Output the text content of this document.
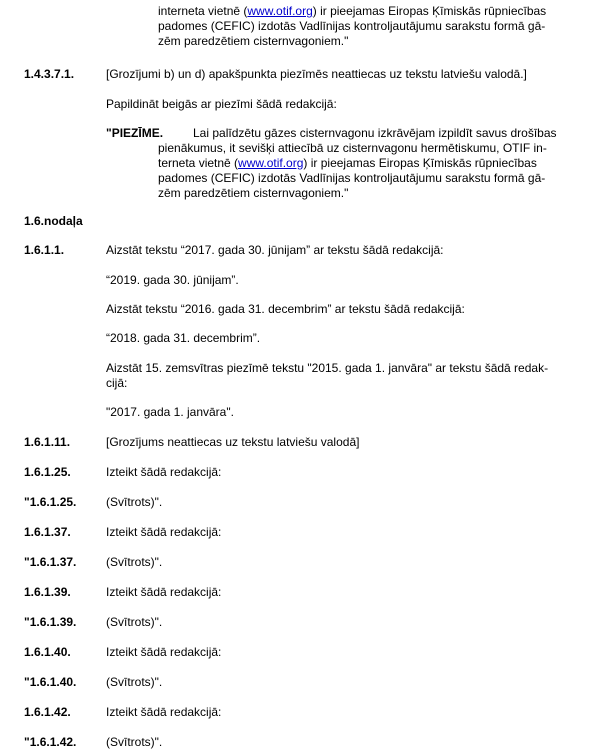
interneta vietnē (www.otif.org) ir pieejamas Eiropas Ķīmiskās rūpniecības
padomes (CEFIC) izdotās Vadlīnijas kontroljautājumu sarakstu formā gā-
zēm paredzētiem cisternvagoniem."
1.4.3.7.1.	[Grozījumi b) un d) apakšpunkta piezīmēs neattiecas uz tekstu latviešu valodā.]
Papildināt beigās ar piezīmi šādā redakcijā:
"PIEZĪME. Lai palīdzētu gāzes cisternvagonu izkrāvējam izpildīt savus drošības
pienākumus, it sevišķi attiecībā uz cisternvagonu hermētiskumu, OTIF in-
terneta vietnē (www.otif.org) ir pieejamas Eiropas Ķīmiskās rūpniecības
padomes (CEFIC) izdotās Vadlīnijas kontroljautājumu sarakstu formā gā-
zēm paredzētiem cisternvagoniem."
1.6.nodaļa
1.6.1.1.	Aizstāt tekstu “2017. gada 30. jūnijam” ar tekstu šādā redakcijā:
“2019. gada 30. jūnijam”.
Aizstāt tekstu “2016. gada 31. decembrim” ar tekstu šādā redakcijā:
“2018. gada 31. decembrim”.
Aizstāt 15. zemsvītras piezīmē tekstu "2015. gada 1. janvāra" ar tekstu šādā redak-
cijā:
"2017. gada 1. janvāra".
1.6.1.11.	[Grozījums neattiecas uz tekstu latviešu valodā]
1.6.1.25.	Izteikt šādā redakcijā:
"1.6.1.25. (Svītrots)".
1.6.1.37.	Izteikt šādā redakcijā:
"1.6.1.37. (Svītrots)".
1.6.1.39.	Izteikt šādā redakcijā:
"1.6.1.39. (Svītrots)".
1.6.1.40.	Izteikt šādā redakcijā:
"1.6.1.40. (Svītrots)".
1.6.1.42.	Izteikt šādā redakcijā:
"1.6.1.42. (Svītrots)".
